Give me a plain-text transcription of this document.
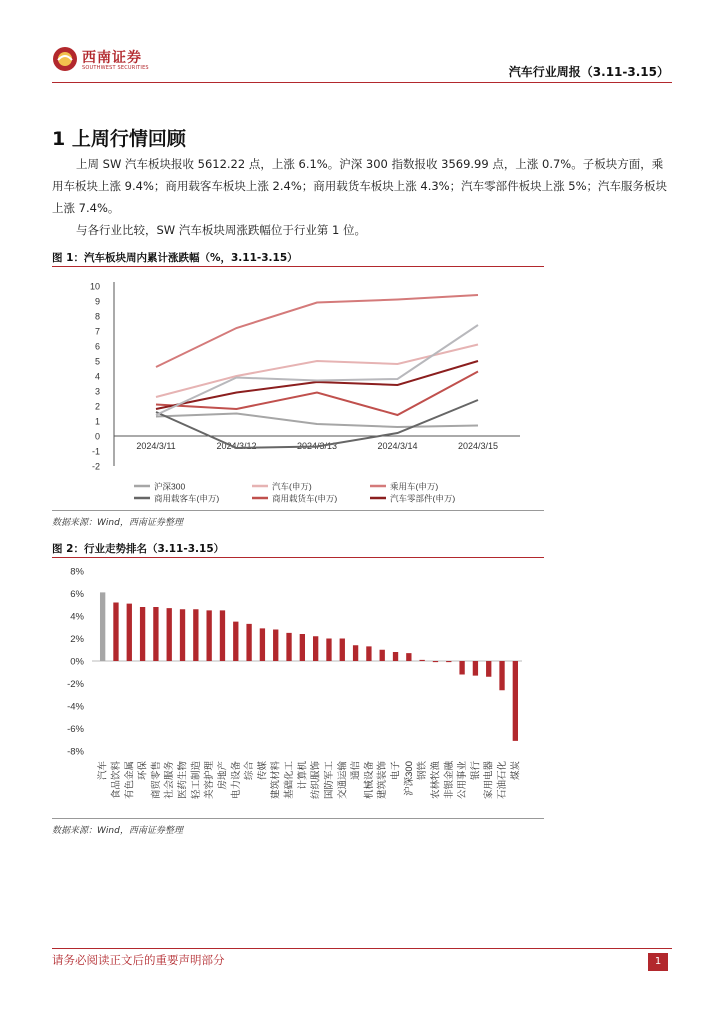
西南证券
SOUTHWEST SECURITIES	汽车行业周报（3.11-3.15）
1 上周行情回顾
上周 SW 汽车板块报收 5612.22 点，上涨 6.1%。沪深 300 指数报收 3569.99 点，上涨 0.7%。子板块方面，乘用车板块上涨 9.4%；商用载客车板块上涨 2.4%；商用载货车板块上涨 4.3%；汽车零部件板块上涨 5%；汽车服务板块上涨 7.4%。
与各行业比较，SW 汽车板块周涨跌幅位于行业第 1 位。
图 1：汽车板块周内累计涨跌幅（%，3.11-3.15）
10
9
8
7
6
5
4
3
2
1
0
-1
-2
2024/3/11	2024/3/12	2024/3/13	2024/3/14	2024/3/15
沪深300	汽车(申万)	乘用车(申万)
商用载客车(申万)	商用载货车(申万)	汽车零部件(申万)
数据来源：Wind，西南证券整理
图 2：行业走势排名（3.11-3.15）
8%
6%
4%
2%
0%
-2%
-4%
-6%
-8%
汽车 食品饮料 有色金属 环保 商贸零售 社会服务 医药生物 轻工制造 美容护理 房地产 电力设备 综合 传媒 建筑材料 基础化工 计算机 纺织服饰 国防军工 交通运输 通信 机械设备 建筑装饰 电子 沪深300 钢铁 农林牧渔 非银金融 公用事业 银行 家用电器 石油石化 煤炭
数据来源：Wind，西南证券整理
请务必阅读正文后的重要声明部分	1
